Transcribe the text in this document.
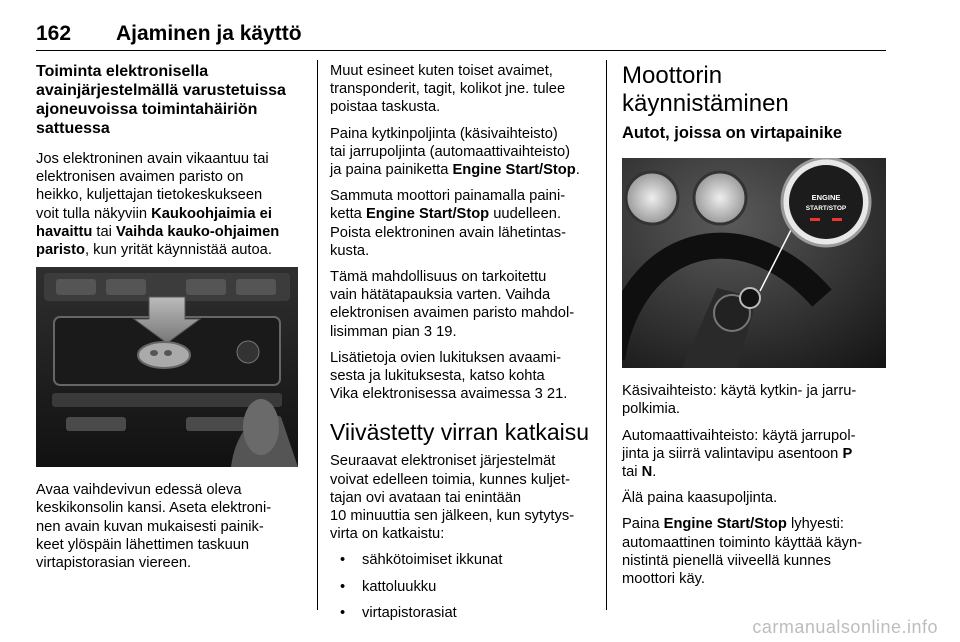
162 Ajaminen ja käyttö
Toiminta elektronisella
avainjärjestelmällä varustetuissa
ajoneuvoissa toimintahäiriön
sattuessa

Jos elektroninen avain vikaantuu tai
elektronisen avaimen paristo on
heikko, kuljettajan tietokeskukseen
voit tulla näkyviin Kaukoohjaimia ei
havaittu tai Vaihda kauko-ohjaimen
paristo, kun yrität käynnistää autoa.

Avaa vaihdevivun edessä oleva
keskikonsolin kansi. Aseta elektroni-
nen avain kuvan mukaisesti painik-
keet ylöspäin lähettimen taskuun
virtapistorasian viereen.

Muut esineet kuten toiset avaimet,
transponderit, tagit, kolikot jne. tulee
poistaa taskusta.

Paina kytkinpoljinta (käsivaihteisto)
tai jarrupoljinta (automaattivaihteisto)
ja paina painiketta Engine Start/Stop.

Sammuta moottori painamalla paini-
ketta Engine Start/Stop uudelleen.
Poista elektroninen avain lähetintas-
kusta.

Tämä mahdollisuus on tarkoitettu
vain hätätapauksia varten. Vaihda
elektronisen avaimen paristo mahdol-
lisimman pian 3 19.

Lisätietoja ovien lukituksen avaami-
sesta ja lukituksesta, katso kohta
Vika elektronisessa avaimessa 3 21.

Viivästetty virran katkaisu

Seuraavat elektroniset järjestelmät
voivat edelleen toimia, kunnes kuljet-
tajan ovi avataan tai enintään
10 minuuttia sen jälkeen, kun sytytys-
virta on katkaistu:

• sähkötoimiset ikkunat
• kattoluukku
• virtapistorasiat
Moottorin käynnistäminen
Autot, joissa on virtapainike
ENGINE
START/STOP

Käsivaihteisto: käytä kytkin- ja jarru-
polkimia.

Automaattivaihteisto: käytä jarrupol-
jinta ja siirrä valintavipu asentoon P
tai N.

Älä paina kaasupoljinta.

Paina Engine Start/Stop lyhyesti:
automaattinen toiminto käyttää käyn-
nistintä pienellä viiveellä kunnes
moottori käy.

carmanualsonline.info
